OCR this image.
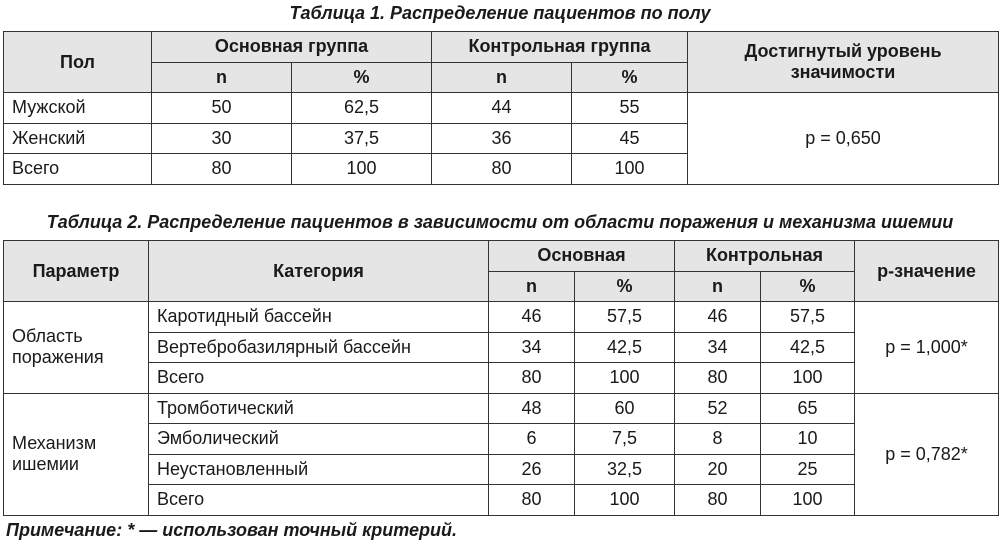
Таблица 1. Распределение пациентов по полу
Пол	Основная группа		Контрольная группа		Достигнутый уровень значимости
	n	%	n	%	
Мужской	50	62,5	44	55	p = 0,650
Женский	30	37,5	36	45	
Всего	80	100	80	100	
Таблица 2. Распределение пациентов в зависимости от области поражения и механизма ишемии
Параметр	Категория	Основная		Контрольная		p-значение
		n	%	n	%	
Область поражения	Каротидный бассейн	46	57,5	46	57,5	p = 1,000*
	Вертебробазилярный бассейн	34	42,5	34	42,5	
	Всего	80	100	80	100	
Механизм ишемии	Тромботический	48	60	52	65	p = 0,782*
	Эмболический	6	7,5	8	10	
	Неустановленный	26	32,5	20	25	
	Всего	80	100	80	100	
Примечание: * — использован точный критерий.
